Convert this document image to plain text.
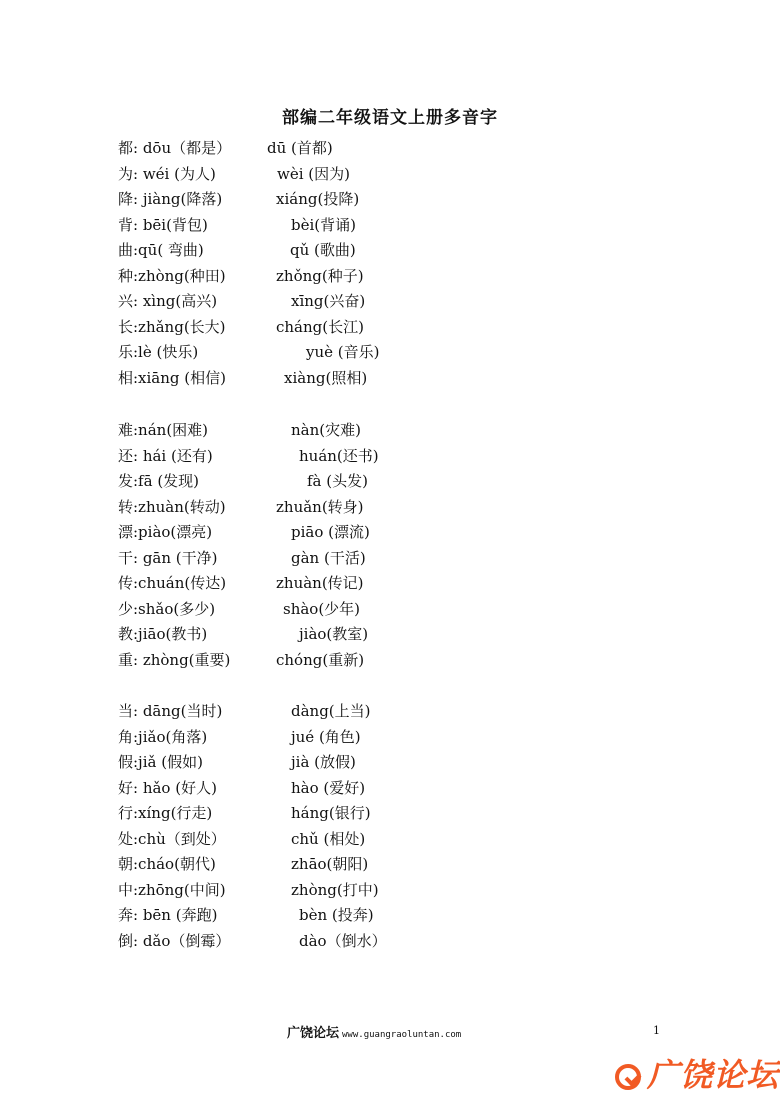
部编二年级语文上册多音字
都: dōu（都是） dū (首都)
为: wéi (为人)	wèi (因为)
降: jiàng(降落)	xiáng(投降)
背: bēi(背包)	bèi(背诵)
曲:qū( 弯曲)	qǔ (歌曲)
种:zhòng(种田)	zhǒng(种子)
兴: xìng(高兴)	xīng(兴奋)
长:zhǎng(长大)	cháng(长江)
乐:lè (快乐)	yuè (音乐)
相:xiāng (相信)	xiàng(照相)
难:nán(困难)	nàn(灾难)
还: hái (还有)	huán(还书)
发:fā (发现)	fà (头发)
转:zhuàn(转动)	zhuǎn(转身)
漂:piào(漂亮)	piāo (漂流)
干: gān (干净)	gàn (干活)
传:chuán(传达)	zhuàn(传记)
少:shǎo(多少)	shào(少年)
教:jiāo(教书)	jiào(教室)
重: zhòng(重要)	chóng(重新)
当: dāng(当时)	dàng(上当)
角:jiǎo(角落)	jué (角色)
假:jiǎ (假如)	jià (放假)
好: hǎo (好人)	hào (爱好)
行:xíng(行走)	háng(银行)
处:chù（到处）	chǔ (相处)
朝:cháo(朝代)	zhāo(朝阳)
中:zhōng(中间)	zhòng(打中)
奔: bēn (奔跑)	bèn (投奔)
倒: dǎo（倒霉）	dào（倒水）
广饶论坛 www.guangraoluntan.com	1
广饶论坛
